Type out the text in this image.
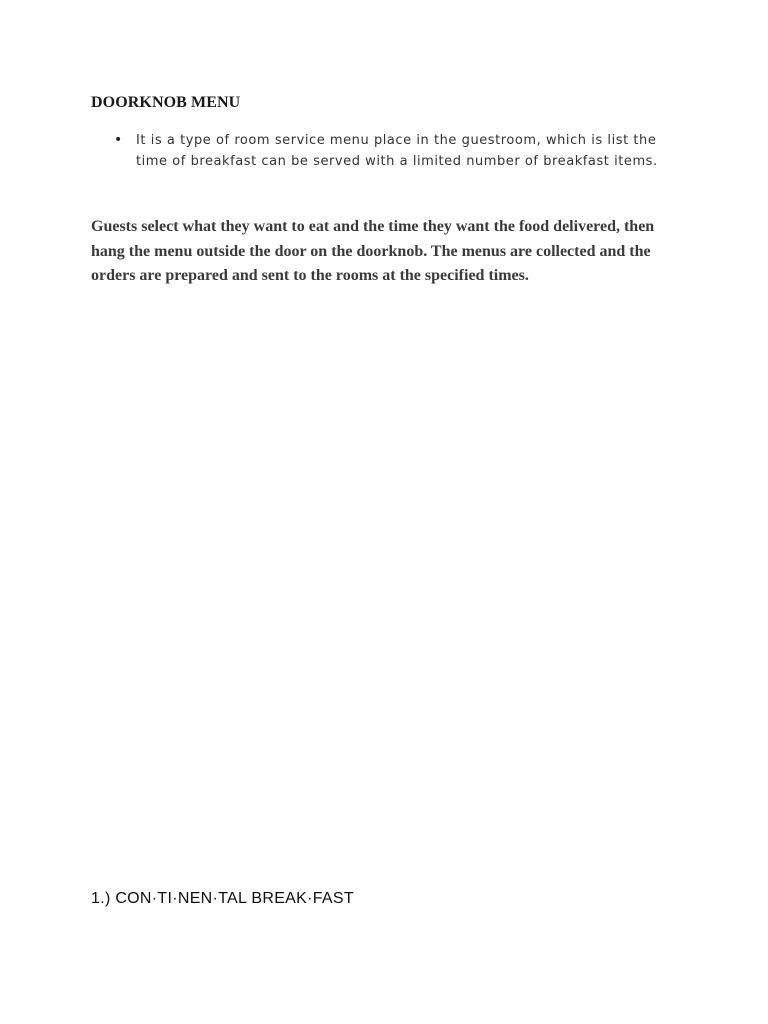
DOORKNOB MENU
• It is a type of room service menu place in the guestroom, which is list the time of breakfast can be served with a limited number of breakfast items.

Guests select what they want to eat and the time they want the food delivered, then hang the menu outside the door on the doorknob. The menus are collected and the orders are prepared and sent to the rooms at the specified times.

1.) CON·TI·NEN·TAL BREAK·FAST
